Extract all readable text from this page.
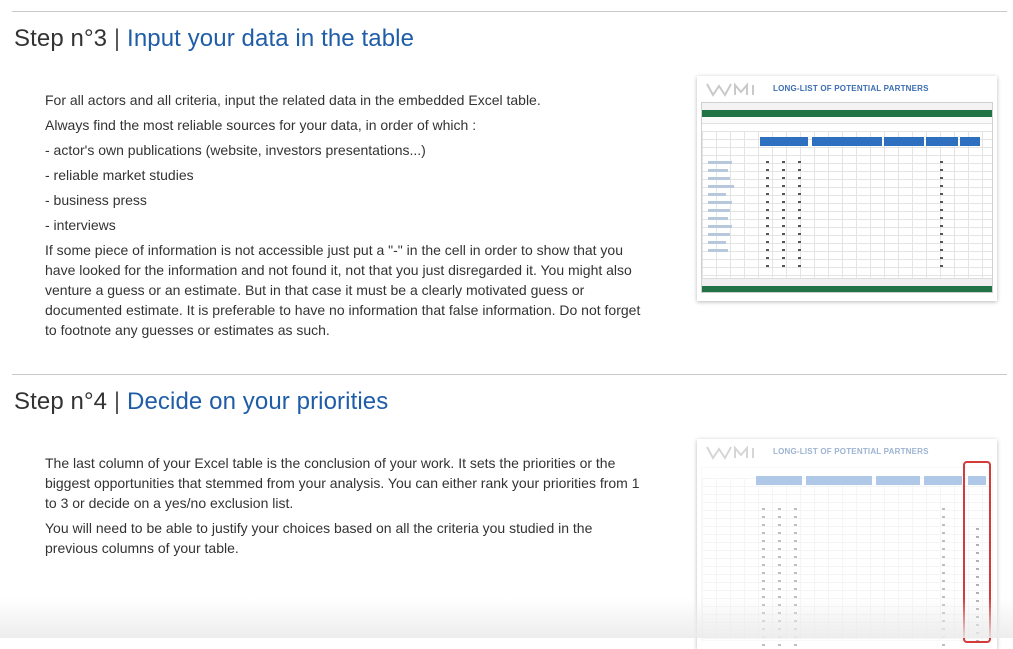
Step n°3 | Input your data in the table

For all actors and all criteria, input the related data in the embedded Excel table.

Always find the most reliable sources for your data, in order of which :

- actor's own publications (website, investors presentations...)

- reliable market studies

- business press

- interviews

If some piece of information is not accessible just put a "-" in the cell in order to show that you have looked for the information and not found it, not that you just disregarded it. You might also venture a guess or an estimate. But in that case it must be a clearly motivated guess or documented estimate. It is preferable to have no information that false information. Do not forget to footnote any guesses or estimates as such.

LONG-LIST OF POTENTIAL PARTNERS
Step n°4 | Decide on your priorities

The last column of your Excel table is the conclusion of your work. It sets the priorities or the biggest opportunities that stemmed from your analysis. You can either rank your priorities from 1 to 3 or decide on a yes/no exclusion list.

You will need to be able to justify your choices based on all the criteria you studied in the previous columns of your table.

LONG-LIST OF POTENTIAL PARTNERS
